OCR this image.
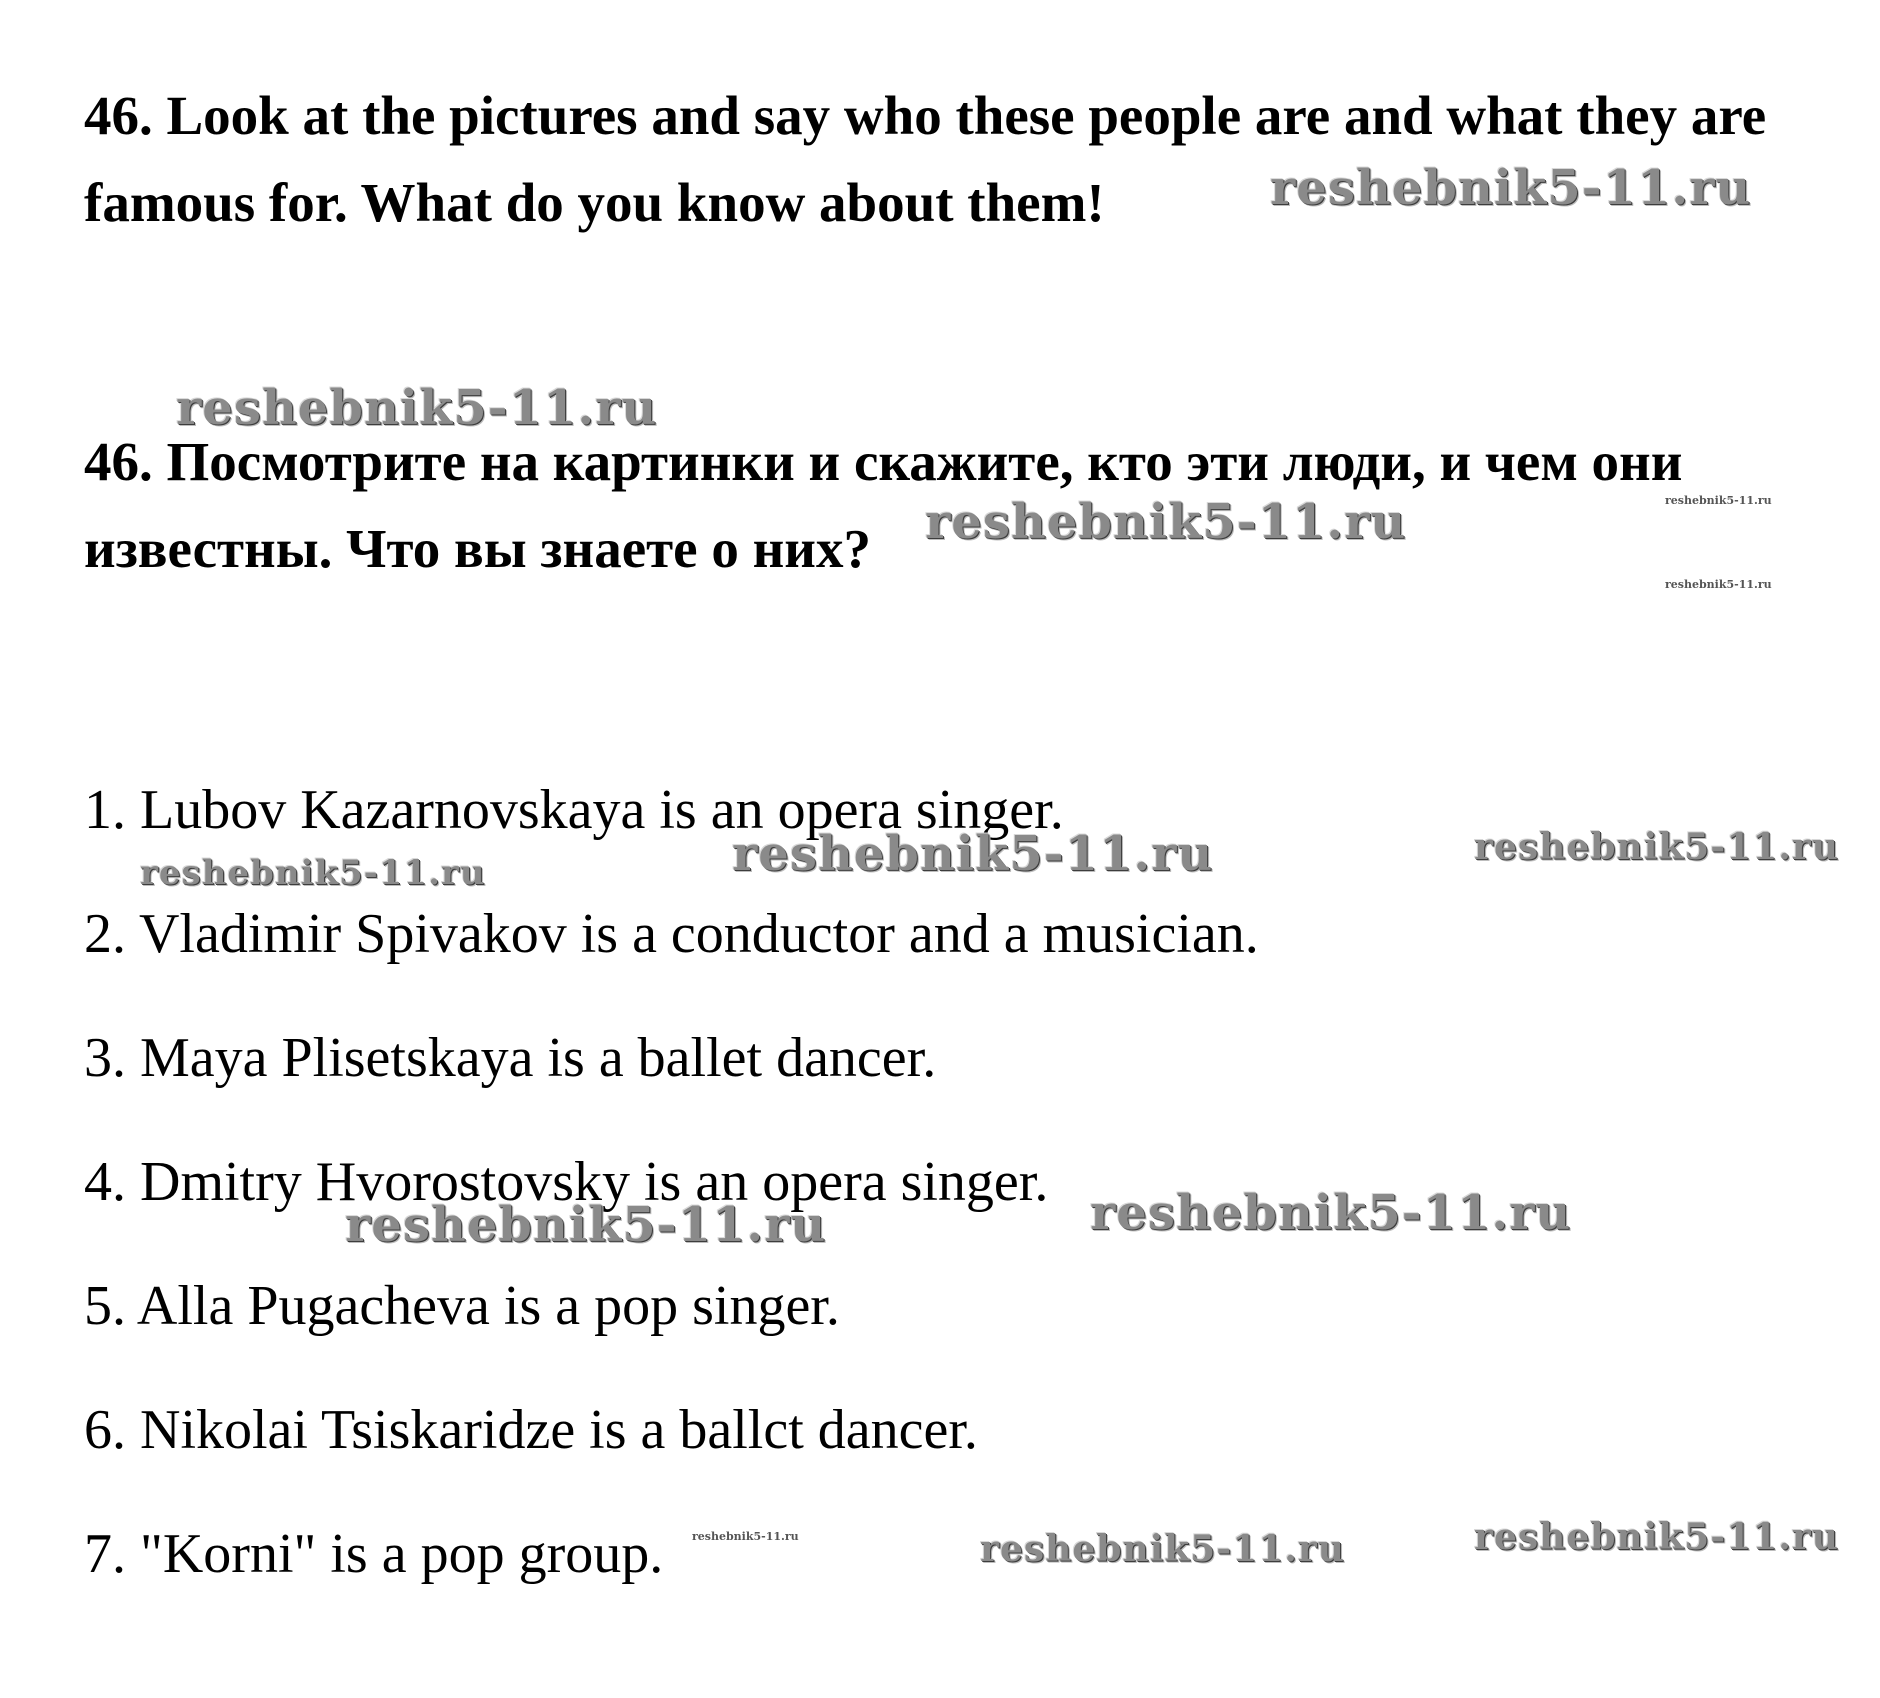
46. Look at the pictures and say who these people are and what they are famous for. What do you know about them!

46. Посмотрите на картинки и скажите, кто эти люди, и чем они известны. Что вы знаете о них?

1. Lubov Kazarnovskaya is an opera singer.
2. Vladimir Spivakov is a conductor and a musician.
3. Maya Plisetskaya is a ballet dancer.
4. Dmitry Hvorostovsky is an opera singer.
5. Alla Pugacheva is a pop singer.
6. Nikolai Tsiskaridze is a ballct dancer.
7. "Korni" is a pop group.
reshebnik5-11.ru
reshebnik5-11.ru
reshebnik5-11.ru	reshebnik5-11.ru
reshebnik5-11.ru
reshebnik5-11.ru	reshebnik5-11.ru	reshebnik5-11.ru
reshebnik5-11.ru	reshebnik5-11.ru
reshebnik5-11.ru	reshebnik5-11.ru	reshebnik5-11.ru
